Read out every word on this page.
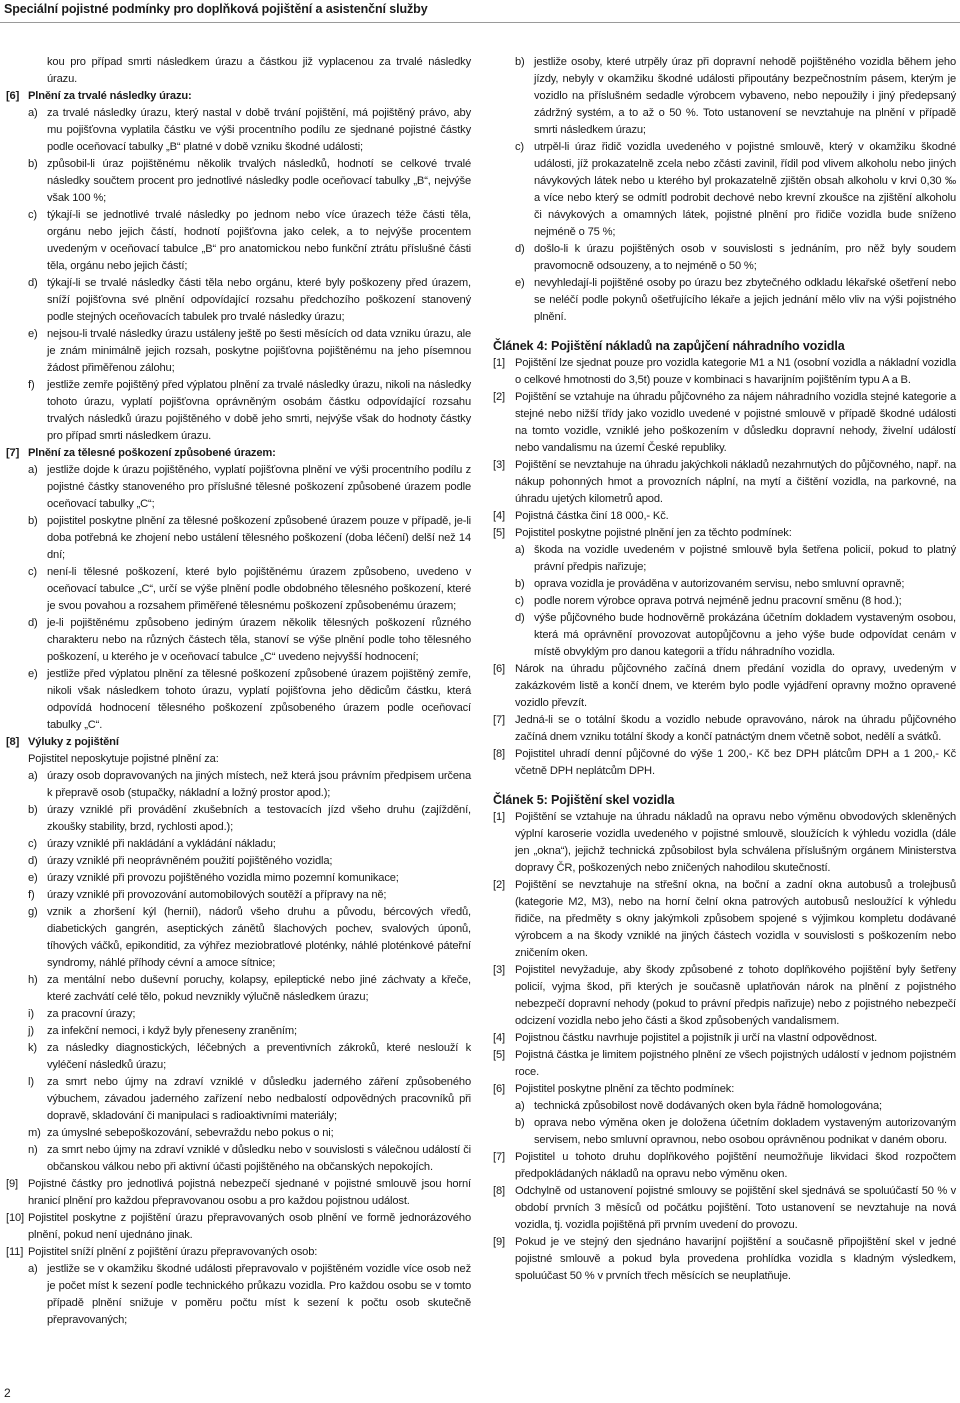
Speciální pojistné podmínky pro doplňková pojištění a asistenční služby
kou pro případ smrti následkem úrazu a částkou již vyplacenou za trvalé následky úrazu.
[6] Plnění za trvalé následky úrazu:
a) za trvalé následky úrazu, který nastal v době trvání pojištění, má pojištěný právo, aby mu pojišťovna vyplatila částku ve výši procentního podílu ze sjednané pojistné částky podle oceňovací tabulky „B“ platné v době vzniku škodné události;
b) způsobil-li úraz pojištěnému několik trvalých následků, hodnotí se celkové trvalé následky součtem procent pro jednotlivé následky podle oceňovací tabulky „B“, nejvýše však 100 %;
c) týkají-li se jednotlivé trvalé následky po jednom nebo více úrazech téže části těla, orgánu nebo jejich částí, hodnotí pojišťovna jako celek, a to nejvýše procentem uvedeným v oceňovací tabulce „B“ pro anatomickou nebo funkční ztrátu příslušné části těla, orgánu nebo jejich částí;
d) týkají-li se trvalé následky části těla nebo orgánu, které byly poškozeny před úrazem, sníží pojišťovna své plnění odpovídající rozsahu předchozího poškození stanovený podle stejných oceňovacích tabulek pro trvalé následky úrazu;
e) nejsou-li trvalé následky úrazu ustáleny ještě po šesti měsících od data vzniku úrazu, ale je znám minimálně jejich rozsah, poskytne pojišťovna pojištěnému na jeho písemnou žádost přiměřenou zálohu;
f)	jestliže zemře pojištěný před výplatou plnění za trvalé následky úrazu, nikoli na následky tohoto úrazu, vyplatí pojišťovna oprávněným osobám částku odpovídající rozsahu trvalých následků úrazu pojištěného v době jeho smrti, nejvýše však do hodnoty částky pro případ smrti následkem úrazu.
[7] Plnění za tělesné poškození způsobené úrazem:
a) jestliže dojde k úrazu pojištěného, vyplatí pojišťovna plnění ve výši procentního podílu z pojistné částky stanoveného pro příslušné tělesné poškození způsobené úrazem podle oceňovací tabulky „C“;
b) pojistitel poskytne plnění za tělesné poškození způsobené úrazem pouze v případě, je-li doba potřebná ke zhojení nebo ustálení tělesného poškození (doba léčení) delší než 14 dní;
c) není-li tělesné poškození, které bylo pojištěnému úrazem způsobeno, uvedeno v oceňovací tabulce „C“, určí se výše plnění podle obdobného tělesného poškození, které je svou povahou a rozsahem přiměřené tělesnému poškození způsobenému úrazem;
d) je-li pojištěnému způsobeno jediným úrazem několik tělesných poškození různého charakteru nebo na různých částech těla, stanoví se výše plnění podle toho tělesného poškození, u kterého je v oceňovací tabulce „C“ uvedeno nejvyšší hodnocení;
e) jestliže před výplatou plnění za tělesné poškození způsobené úrazem pojištěný zemře, nikoli však následkem tohoto úrazu, vyplatí pojišťovna jeho dědicům částku, která odpovídá hodnocení tělesného poškození způsobeného úrazem podle oceňovací tabulky „C“.
[8] Výluky z pojištění
Pojistitel neposkytuje pojistné plnění za:
a) úrazy osob dopravovaných na jiných místech, než která jsou právním předpisem určena k přepravě osob (stupačky, nákladní a ložný prostor apod.);
b) úrazy vzniklé při provádění zkušebních a testovacích jízd všeho druhu (zajíždění, zkoušky stability, brzd, rychlosti apod.);
c) úrazy vzniklé při nakládání a vykládání nákladu;
d) úrazy vzniklé při neoprávněném použití pojištěného vozidla;
e) úrazy vzniklé při provozu pojištěného vozidla mimo pozemní komunikace;
f)	úrazy vzniklé při provozování automobilových soutěží a přípravy na ně;
g) vznik a zhoršení kýl (hernií), nádorů všeho druhu a původu, bércových vředů, diabetických gangrén, aseptických zánětů šlachových pochev, svalových úponů, tíhových váčků, epikonditid, za výhřez meziobratlové ploténky, náhlé ploténkové páteřní syndromy, náhlé příhody cévní a amoce sítnice;
h) za mentální nebo duševní poruchy, kolapsy, epileptické nebo jiné záchvaty a křeče, které zachvátí celé tělo, pokud nevznikly výlučně následkem úrazu;
i)	za pracovní úrazy;
j)	za infekční nemoci, i když byly přeneseny zraněním;
k) za následky diagnostických, léčebných a preventivních zákroků, které neslouží k vyléčení následků úrazu;
l)	za smrt nebo újmy na zdraví vzniklé v důsledku jaderného záření způsobeného výbuchem, závadou jaderného zařízení nebo nedbalostí odpovědných pracovníků při dopravě, skladování či manipulaci s radioaktivními materiály;
m) za úmyslné sebepoškozování, sebevraždu nebo pokus o ni;
n) za smrt nebo újmy na zdraví vzniklé v důsledku nebo v souvislosti s válečnou událostí či občanskou válkou nebo při aktivní účasti pojištěného na občanských nepokojích.
[9] Pojistné částky pro jednotlivá pojistná nebezpečí sjednané v pojistné smlouvě jsou horní hranicí plnění pro každou přepravovanou osobu a pro každou pojistnou událost.
[10] Pojistitel poskytne z pojištění úrazu přepravovaných osob plnění ve formě jednorázového plnění, pokud není ujednáno jinak.
[11] Pojistitel sníží plnění z pojištění úrazu přepravovaných osob:
a) jestliže se v okamžiku škodné události přepravovalo v pojištěném vozidle více osob než je počet míst k sezení podle technického průkazu vozidla. Pro každou osobu se v tomto případě plnění snižuje v poměru počtu míst k sezení k počtu osob skutečně přepravovaných;
b) jestliže osoby, které utrpěly úraz při dopravní nehodě pojištěného vozidla během jeho jízdy, nebyly v okamžiku škodné události připoutány bezpečnostním pásem, kterým je vozidlo na příslušném sedadle výrobcem vybaveno, nebo nepoužily i jiný předepsaný zádržný systém, a to až o 50 %. Toto ustanovení se nevztahuje na plnění v případě smrti následkem úrazu;
c) utrpěl-li úraz řidič vozidla uvedeného v pojistné smlouvě, který v okamžiku škodné události, jíž prokazatelně zcela nebo zčásti zavinil, řídil pod vlivem alkoholu nebo jiných návykových látek nebo u kterého byl prokazatelně zjištěn obsah alkoholu v krvi 0,30 ‰ a více nebo který se odmítl podrobit dechové nebo krevní zkoušce na zjištění alkoholu či návykových a omamných látek, pojistné plnění pro řidiče vozidla bude sníženo nejméně o 75 %;
d) došlo-li k úrazu pojištěných osob v souvislosti s jednáním, pro něž byly soudem pravomocně odsouzeny, a to nejméně o 50 %;
e) nevyhledají-li pojištěné osoby po úrazu bez zbytečného odkladu lékařské ošetření nebo se neléčí podle pokynů ošetřujícího lékaře a jejich jednání mělo vliv na výši pojistného plnění.
Článek 4: Pojištění nákladů na zapůjčení náhradního vozidla
[1] Pojištění lze sjednat pouze pro vozidla kategorie M1 a N1 (osobní vozidla a nákladní vozidla o celkové hmotnosti do 3,5t) pouze v kombinaci s havarijním pojištěním typu A a B.
[2] Pojištění se vztahuje na úhradu půjčovného za nájem náhradního vozidla stejné kategorie a stejné nebo nižší třídy jako vozidlo uvedené v pojistné smlouvě v případě škodné události na tomto vozidle, vzniklé jeho poškozením v důsledku dopravní nehody, živelní událostí nebo vandalismu na území České republiky.
[3] Pojištění se nevztahuje na úhradu jakýchkoli nákladů nezahrnutých do půjčovného, např. na nákup pohonných hmot a provozních náplní, na mytí a čištění vozidla, na parkovné, na úhradu ujetých kilometrů apod.
[4] Pojistná částka činí 18 000,- Kč.
[5] Pojistitel poskytne pojistné plnění jen za těchto podmínek:
a) škoda na vozidle uvedeném v pojistné smlouvě byla šetřena policií, pokud to platný právní předpis nařizuje;
b) oprava vozidla je prováděna v autorizovaném servisu, nebo smluvní opravně;
c) podle norem výrobce oprava potrvá nejméně jednu pracovní směnu (8 hod.);
d) výše půjčovného bude hodnověrně prokázána účetním dokladem vystaveným osobou, která má oprávnění provozovat autopůjčovnu a jeho výše bude odpovídat cenám v místě obvyklým pro danou kategorii a třídu náhradního vozidla.
[6] Nárok na úhradu půjčovného začíná dnem předání vozidla do opravy, uvedeným v zakázkovém listě a končí dnem, ve kterém bylo podle vyjádření opravny možno opravené vozidlo převzít.
[7] Jedná-li se o totální škodu a vozidlo nebude opravováno, nárok na úhradu půjčovného začíná dnem vzniku totální škody a končí patnáctým dnem včetně sobot, nedělí a svátků.
[8] Pojistitel uhradí denní půjčovné do výše 1 200,- Kč bez DPH plátcům DPH a 1 200,- Kč včetně DPH neplátcům DPH.
Článek 5: Pojištění skel vozidla
[1] Pojištění se vztahuje na úhradu nákladů na opravu nebo výměnu obvodových skleněných výplní karoserie vozidla uvedeného v pojistné smlouvě, sloužících k výhledu vozidla (dále jen „okna“), jejichž technická způsobilost byla schválena příslušným orgánem Ministerstva dopravy ČR, poškozených nebo zničených nahodilou skutečností.
[2] Pojištění se nevztahuje na střešní okna, na boční a zadní okna autobusů a trolejbusů (kategorie M2, M3), nebo na horní čelní okna patrových autobusů nesloužící k výhledu řidiče, na předměty s okny jakýmkoli způsobem spojené s výjimkou kompletu dodávané výrobcem a na škody vzniklé na jiných částech vozidla v souvislosti s poškozením nebo zničením oken.
[3] Pojistitel nevyžaduje, aby škody způsobené z tohoto doplňkového pojištění byly šetřeny policií, vyjma škod, při kterých je současně uplatňován nárok na plnění z pojistného nebezpečí dopravní nehody (pokud to právní předpis nařizuje) nebo z pojistného nebezpečí odcizení vozidla nebo jeho části a škod způsobených vandalismem.
[4] Pojistnou částku navrhuje pojistitel a pojistník ji určí na vlastní odpovědnost.
[5] Pojistná částka je limitem pojistného plnění ze všech pojistných událostí v jednom pojistném roce.
[6] Pojistitel poskytne plnění za těchto podmínek:
a) technická způsobilost nově dodávaných oken byla řádně homologována;
b) oprava nebo výměna oken je doložena účetním dokladem vystaveným autorizovaným servisem, nebo smluvní opravnou, nebo osobou oprávněnou podnikat v daném oboru.
[7] Pojistitel u tohoto druhu doplňkového pojištění neumožňuje likvidaci škod rozpočtem předpokládaných nákladů na opravu nebo výměnu oken.
[8] Odchylně od ustanovení pojistné smlouvy se pojištění skel sjednává se spoluúčastí 50 % v období prvních 3 měsíců od počátku pojištění. Toto ustanovení se nevztahuje na nová vozidla, tj. vozidla pojištěná při prvním uvedení do provozu.
[9] Pokud je ve stejný den sjednáno havarijní pojištění a současně připojištění skel v jedné pojistné smlouvě a pokud byla provedena prohlídka vozidla s kladným výsledkem, spoluúčast 50 % v prvních třech měsících se neuplatňuje.
2
